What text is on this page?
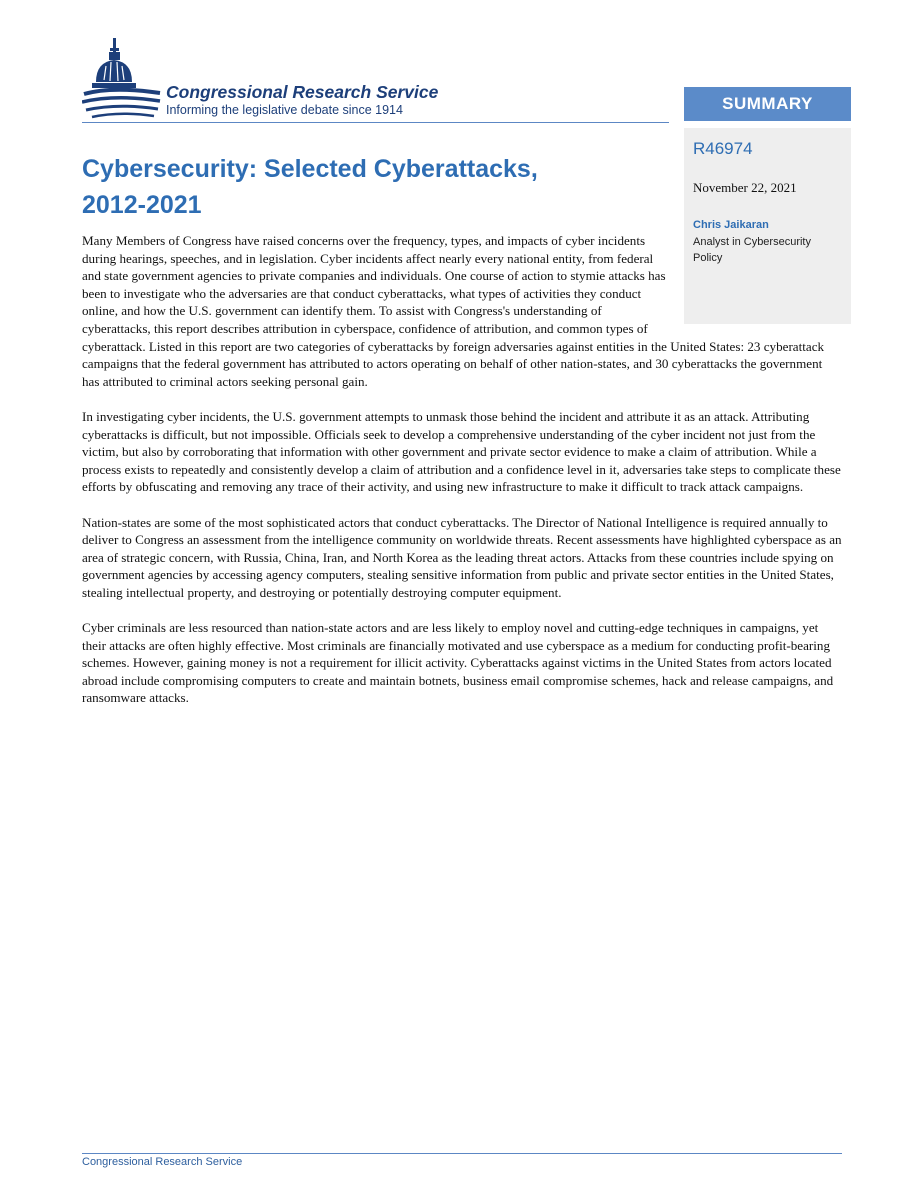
Congressional Research Service
Informing the legislative debate since 1914	SUMMARY
R46974
November 22, 2021
Chris Jaikaran
Analyst in Cybersecurity Policy
Cybersecurity: Selected Cyberattacks, 2012-2021

Many Members of Congress have raised concerns over the frequency, types, and impacts of cyber incidents during hearings, speeches, and in legislation. Cyber incidents affect nearly every national entity, from federal and state government agencies to private companies and individuals. One course of action to stymie attacks has been to investigate who the adversaries are that conduct cyberattacks, what types of activities they conduct online, and how the U.S. government can identify them. To assist with Congress's understanding of cyberattacks, this report describes attribution in cyberspace, confidence of attribution, and common types of cyberattack. Listed in this report are two categories of cyberattacks by foreign adversaries against entities in the United States: 23 cyberattack campaigns that the federal government has attributed to actors operating on behalf of other nation-states, and 30 cyberattacks the government has attributed to criminal actors seeking personal gain.

In investigating cyber incidents, the U.S. government attempts to unmask those behind the incident and attribute it as an attack. Attributing cyberattacks is difficult, but not impossible. Officials seek to develop a comprehensive understanding of the cyber incident not just from the victim, but also by corroborating that information with other government and private sector evidence to make a claim of attribution. While a process exists to repeatedly and consistently develop a claim of attribution and a confidence level in it, adversaries take steps to complicate these efforts by obfuscating and removing any trace of their activity, and using new infrastructure to make it difficult to track attack campaigns.

Nation-states are some of the most sophisticated actors that conduct cyberattacks. The Director of National Intelligence is required annually to deliver to Congress an assessment from the intelligence community on worldwide threats. Recent assessments have highlighted cyberspace as an area of strategic concern, with Russia, China, Iran, and North Korea as the leading threat actors. Attacks from these countries include spying on government agencies by accessing agency computers, stealing sensitive information from public and private sector entities in the United States, stealing intellectual property, and destroying or potentially destroying computer equipment.

Cyber criminals are less resourced than nation-state actors and are less likely to employ novel and cutting-edge techniques in campaigns, yet their attacks are often highly effective. Most criminals are financially motivated and use cyberspace as a medium for conducting profit-bearing schemes. However, gaining money is not a requirement for illicit activity. Cyberattacks against victims in the United States from actors located abroad include compromising computers to create and maintain botnets, business email compromise schemes, hack and release campaigns, and ransomware attacks.

Congressional Research Service
